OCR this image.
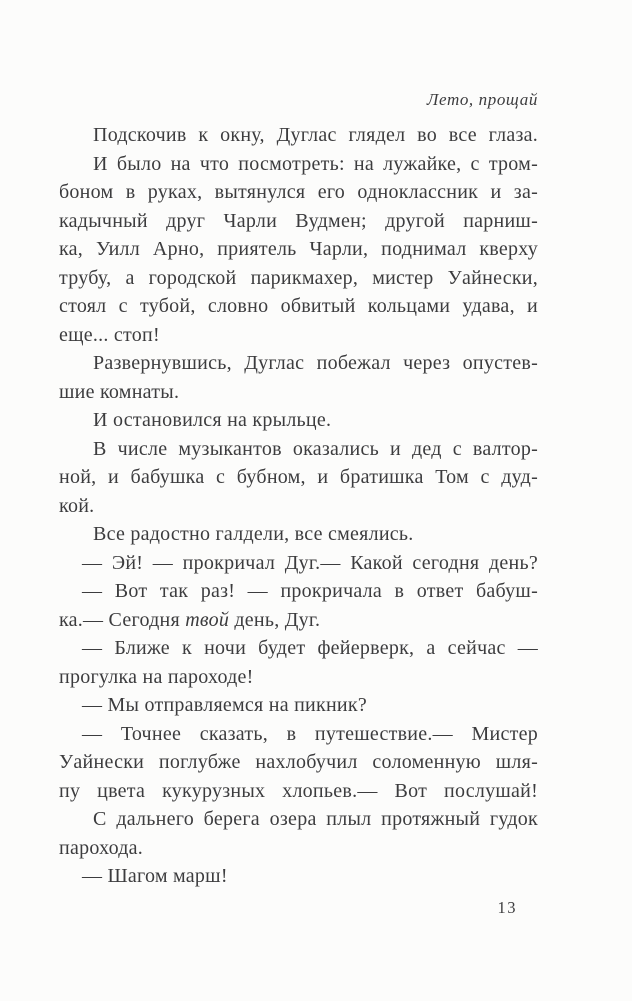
Лето, прощай
Подскочив к окну, Дуглас глядел во все глаза.
И было на что посмотреть: на лужайке, с тром-
боном в руках, вытянулся его одноклассник и за-
кадычный друг Чарли Вудмен; другой парниш-
ка, Уилл Арно, приятель Чарли, поднимал кверху
трубу, а городской парикмахер, мистер Уайнески,
стоял с тубой, словно обвитый кольцами удава, и
еще... стоп!
Развернувшись, Дуглас побежал через опустев-
шие комнаты.
И остановился на крыльце.
В числе музыкантов оказались и дед с валтор-
ной, и бабушка с бубном, и братишка Том с дуд-
кой.
Все радостно галдели, все смеялись.
— Эй! — прокричал Дуг.— Какой сегодня день?
— Вот так раз! — прокричала в ответ бабуш-
ка.— Сегодня твой день, Дуг.
— Ближе к ночи будет фейерверк, а сейчас —
прогулка на пароходе!
— Мы отправляемся на пикник?
— Точнее сказать, в путешествие.— Мистер
Уайнески поглубже нахлобучил соломенную шля-
пу цвета кукурузных хлопьев.— Вот послушай!
С дальнего берега озера плыл протяжный гудок
парохода.
— Шагом марш!
13
